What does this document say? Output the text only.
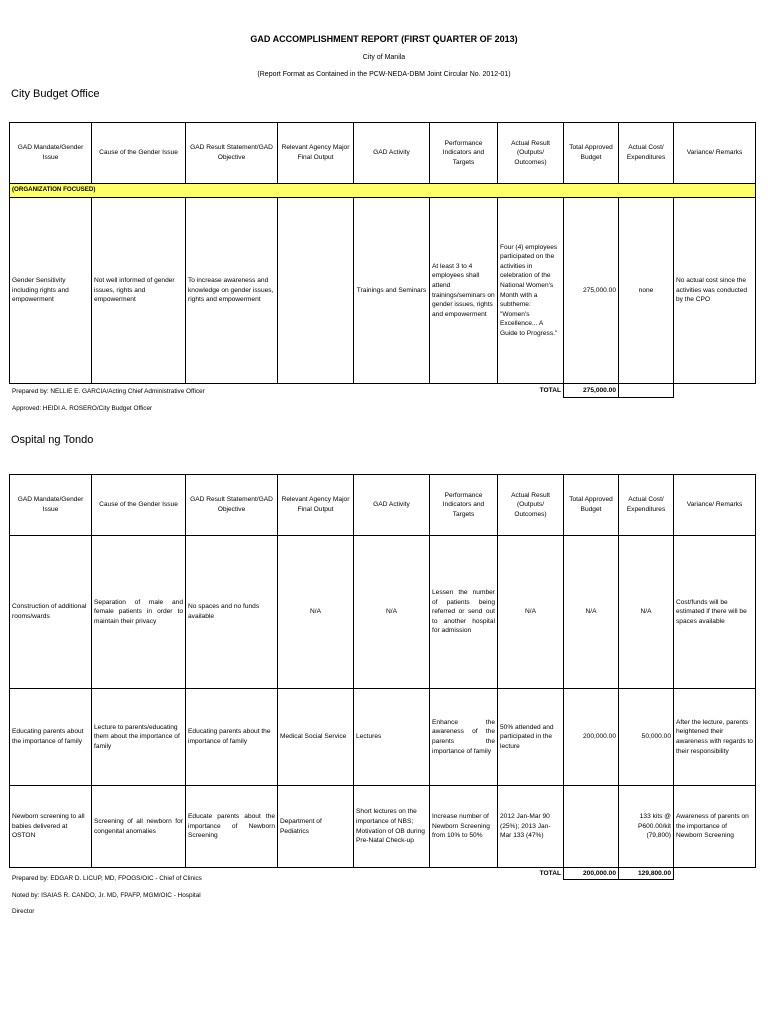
GAD ACCOMPLISHMENT REPORT (FIRST QUARTER OF 2013)
City of Manila
(Report Format as Contained in the PCW-NEDA-DBM Joint Circular No. 2012-01)
City Budget Office
GAD Mandate/Gender Issue	Cause of the Gender Issue	GAD Result Statement/GAD Objective	Relevant Agency Major Final Output	GAD Activity	Performance Indicators and Targets	Actual Result (Outputs/ Outcomes)	Total Approved Budget	Actual Cost/ Expenditures	Variance/ Remarks
(ORGANIZATION FOCUSED)									
Gender Sensitivity including rights and empowerment	Not well informed of gender issues, rights and empowerment	To increase awareness and knowledge on gender issues, rights and empowerment		Trainings and Seminars	At least 3 to 4 employees shall attend trainings/seminars on gender issues, rights and empowerment	Four (4) employees participated on the activities in celebration of the National Women's Month with a subtheme: "Women's Excellence... A Guide to Progress."	275,000.00	none	No actual cost since the activities was conducted by the CPO
						TOTAL	275,000.00		
Prepared by: NELLIE E. GARCIA/Acting Chief Administrative Officer
Approved: HEIDI A. ROSERO/City Budget Officer
Ospital ng Tondo
GAD Mandate/Gender Issue	Cause of the Gender Issue	GAD Result Statement/GAD Objective	Relevant Agency Major Final Output	GAD Activity	Performance Indicators and Targets	Actual Result (Outputs/ Outcomes)	Total Approved Budget	Actual Cost/ Expenditures	Variance/ Remarks
Construction of additional rooms/wards	Separation of male and female patients in order to maintain their privacy	No spaces and no funds available	N/A	N/A	Lessen the number of patients being referred or send out to another hospital for admission	N/A	N/A	N/A	Cost/funds will be estimated if there will be spaces available
Educating parents about the importance of family	Lecture to parents/educating them about the importance of family	Educating parents about the importance of family	Medical Social Service	Lectures	Enhance the awareness of the parents the importance of family	50% attended and participated in the lecture	200,000.00	50,000.00	After the lecture, parents heightened their awareness with regards to their responsibility
Newborn screening to all babies delivered at OSTON	Screening of all newborn for congenital anomalies	Educate parents about the importance of Newborn Screening	Department of Pediatrics	Short lectures on the importance of NBS; Motivation of OB during Pre-Natal Check-up	Increase number of Newborn Screening from 10% to 50%	2012 Jan-Mar 90 (25%); 2013 Jan-Mar 133 (47%)		133 kits @ P600.00/kit (79,800)	Awareness of parents on the importance of Newborn Screening
						TOTAL	200,000.00	129,800.00	
Prepared by: EDGAR D. LICUP, MD, FPOGS/OIC - Chief of Clinics
Noted by: ISAIAS R. CANDO, Jr. MD, FPAFP, MGM/OIC - Hospital
Director
